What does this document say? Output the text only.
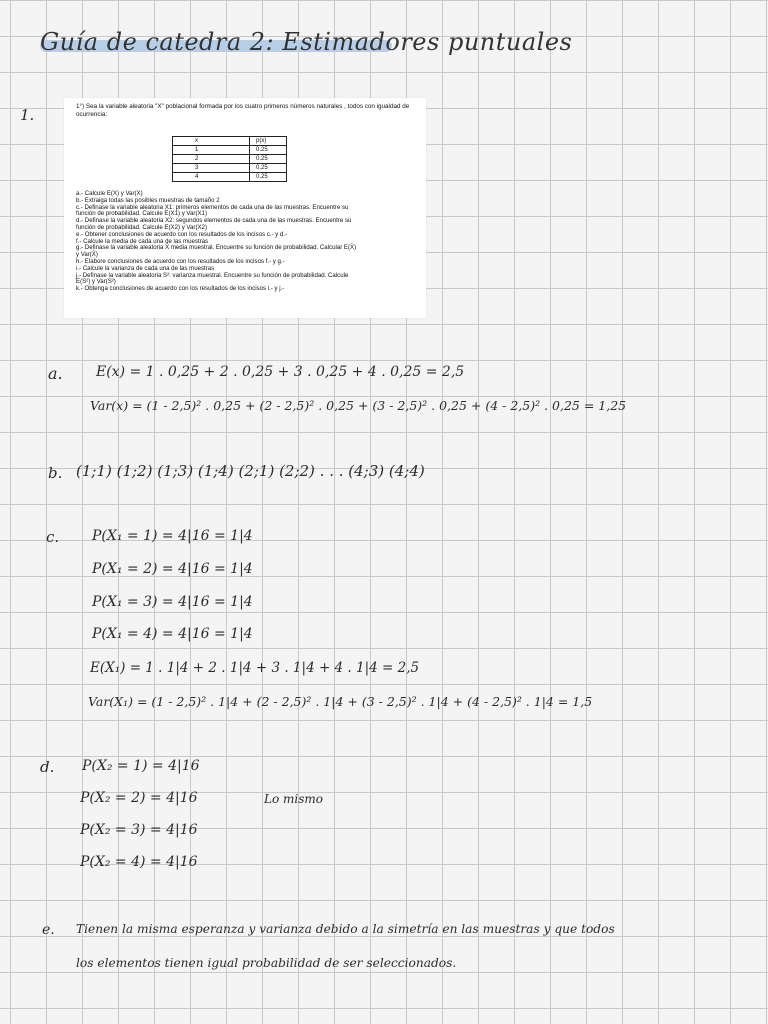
Guía de catedra 2: Estimadores puntuales
1.	1°) Sea la variable aleatoria "X" poblacional formada por los cuatro primeros números naturales , todos con igualdad de ocurrencia:
x	p(x)
1	0.25
2	0.25
3	0.25
4	0.25
a.- Calcule E(X) y Var(X)
b.- Extraiga todas las posibles muestras de tamaño 2
c.- Definase la variable aleatoria X1: primeros elementos de cada una de las muestras. Encuentre su
función de probabilidad. Calcule E(X1) y Var(X1)
d.- Definase la variable aleatoria X2: segundos elementos de cada una de las muestras. Encuentre su
función de probabilidad. Calcule E(X2) y Var(X2)
e.- Obtener conclusiones de acuerdo con los resultados de los incisos c.- y d.-
f.- Calcule la media de cada una de las muestras
g.- Definase la variable aleatoria X̄ media muestral. Encuentre su función de probabilidad. Calcular E(X̄)
y Var(X̄)
h.- Elabore conclusiones de acuerdo con los resultados de los incisos f.- y g.-
i.- Calcule la varianza de cada una de las muestras
j.- Definase la variable aleatoria S²: varianza muestral. Encuentre su función de probabilidad. Calcule
E(S²) y Var(S²)
k.- Obtenga conclusiones de acuerdo con los resultados de los incisos i.- y j.-
a. E(x) = 1 . 0,25 + 2 . 0,25 + 3 . 0,25 + 4 . 0,25 = 2,5
Var(x) = (1 - 2,5)² . 0,25 + (2 - 2,5)² . 0,25 + (3 - 2,5)² . 0,25 + (4 - 2,5)² . 0,25 = 1,25
b. (1;1) (1;2) (1;3) (1;4) (2;1) (2;2) . . . (4;3) (4;4)
c. P(X₁ = 1) = 4|16 = 1|4
P(X₁ = 2) = 4|16 = 1|4
P(X₁ = 3) = 4|16 = 1|4
P(X₁ = 4) = 4|16 = 1|4
E(X₁) = 1 . 1|4 + 2 . 1|4 + 3 . 1|4 + 4 . 1|4 = 2,5
Var(X₁) = (1 - 2,5)² . 1|4 + (2 - 2,5)² . 1|4 + (3 - 2,5)² . 1|4 + (4 - 2,5)² . 1|4 = 1,5
d. P(X₂ = 1) = 4|16
P(X₂ = 2) = 4|16	Lo mismo
P(X₂ = 3) = 4|16
P(X₂ = 4) = 4|16
e. Tienen la misma esperanza y varianza debido a la simetría en las muestras y que todos
los elementos tienen igual probabilidad de ser seleccionados.
